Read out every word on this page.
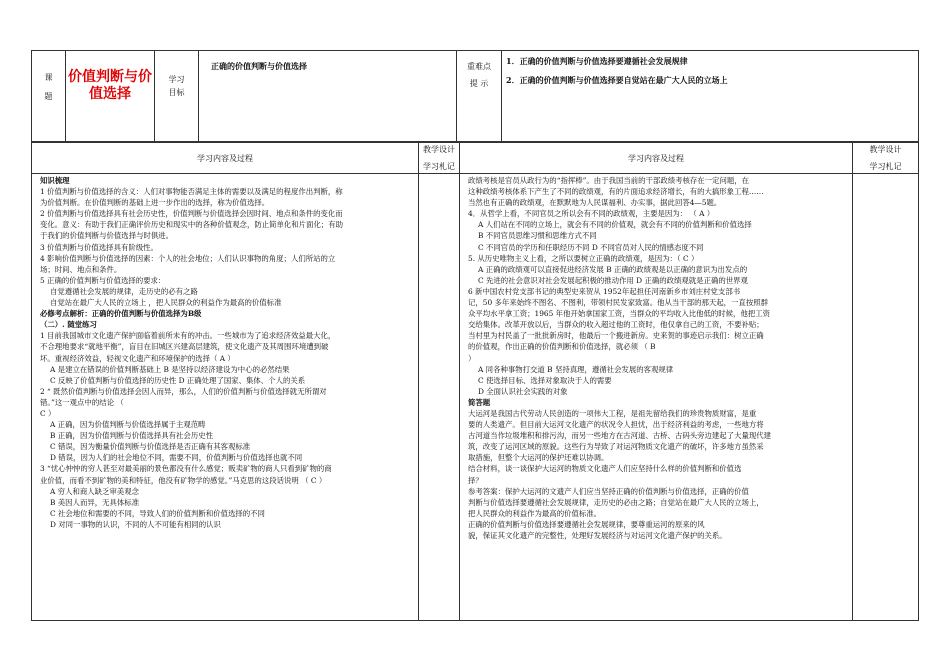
课
题

价值判断与价
值选择

学习
目标

正确的价值判断与价值选择	重难点
提 示

1．正确的价值判断与价值选择要遵循社会发展规律
2．正确的价值判断与价值选择要自觉站在最广大人民的立场上
学习内容及过程

教学设计
学习札记

学习内容及过程

教学设计
学习札记
知识梳理
1 价值判断与价值选择的含义：人们对事物能否满足主体的需要以及满足的程度作出判断，称
为价值判断。在价值判断的基础上进一步作出的选择，称为价值选择。
2 价值判断与价值选择具有社会历史性，价值判断与价值选择会因时间、地点和条件的变化而
变化。意义：有助于我们正确评价历史和现实中的各种价值观念，防止简单化和片面化；有助
于我们的价值判断与价值选择与时俱进。
3 价值判断与价值选择具有阶级性。
4 影响价值判断与价值选择的因素：个人的社会地位；人们认识事物的角度；人们所站的立
场；时间、地点和条件。
5 正确的价值判断与价值选择的要求：
自觉遵循社会发展的规律，走历史的必有之路
自觉站在最广大人民的立场上 ，把人民群众的利益作为最高的价值标准
必修考点解析：正确的价值判断与价值选择为B级
（二）. 随堂练习
1 目前我国城市文化遗产保护面临着前所未有的冲击。一些城市为了追求经济效益最大化，
不合理地要求“就地平衡”，盲目在旧城区兴建高层建筑，使文化遗产及其周围环境遭到破
坏。重视经济效益，轻视文化遗产和环境保护的选择（ A ）
A 是建立在错误的价值判断基础上 B 是坚持以经济建设为中心的必然结果
C 反映了价值判断与价值选择的历史性 D 正确处理了国家、集体、个人的关系
2 “ 既然价值判断与价值选择会因人而异，那么，人们的价值判断与价值选择就无所谓对
错。”这一观点中的结论 （
C ）
A 正确，因为价值判断与价值选择属于主观范畴
B 正确，因为价值判断与价值选择具有社会历史性
C 错误，因为衡量价值判断与价值选择是否正确有其客观标准
D 错误，因为人们的社会地位不同，需要不同，价值判断与价值选择也就不同
3 “忧心忡忡的穷人甚至对最美丽的景色都没有什么感觉；贩卖矿物的商人只看到矿物的商
业价值，而看不到矿物的美和特征，他没有矿物学的感觉。”马克思的这段话说明 （ C ）
A 穷人和商人缺乏审美观念
B 美因人而异，无具体标准
C 社会地位和需要的不同，导致人们的价值判断和价值选择的不同
D 对同一事物的认识，不同的人不可能有相同的认识

政绩考核是官员从政行为的“指挥棒”。由于我国当前的干部政绩考核存在一定问题，在
这种政绩考核体系下产生了不同的政绩观，有的片面追求经济增长，有的大搞形象工程……
当然也有正确的政绩观，在默默地为人民谋福利、办实事，据此回答4—5题。
4．从哲学上看，不同官员之所以会有不同的政绩观，主要是因为： （ A ）
A 人们站在不同的立场上，就会有不同的价值观，就会有不同的价值判断和价值选择
B 不同官员思维习惯和思维方式不同
C 不同官员的学历和任职经历不同 D 不同官员对人民的情感态度不同
5. 从历史唯物主义上看，之所以要树立正确的政绩观，是因为：（ C ）
A 正确的政绩观可以直接促进经济发展 B 正确的政绩观是以正确的意识为出发点的
C 先进的社会意识对社会发展起积极的推动作用 D 正确的政绩观就是正确的世界观
6 新中国农村党支部书记的典型史来贺从 1952年起担任河南新乡市刘庄村党支部书
记，50 多年来始终不图名、不图利，带领村民发家致富。他从当干部的那天起，一直按照群
众平均水平拿工资；1965 年他开始拿国家工资，当群众的平均收入比他低的时候，他把工资
交给集体。改革开放以后，当群众的收入超过他的工资时，他仅拿自己的工资，不要补贴；
当村里为村民盖了一批批新房时，他最后一个搬进新房。史来贺的事迹启示我们：树立正确
的价值观，作出正确的价值判断和价值选择，就必须 （ B
）
A 同各种事物打交道 B 坚持真理，遵循社会发展的客观规律
C 使选择目标、选择对象取决于人的需要
D 全面认识社会实践的对象
简答题
大运河是我国古代劳动人民创造的一项伟大工程，是祖先留给我们的珍贵物质财富，是重
要的人类遗产。但目前大运河文化遗产的状况令人担忧，出于经济利益的考虑，一些地方将
古河道当作垃圾堆积和排污沟，而另一些地方在古河道、古桥、古码头旁边建起了大量现代建
筑，改变了运河区域的原貌。这些行为导致了对运河物质文化遗产的破坏，许多地方虽然采
取措施，但整个大运河的保护还难以协调。
结合材料，谈一谈保护大运河的物质文化遗产人们应坚持什么样的价值判断和价值选
择？
参考答案：保护大运河的文遗产人们应当坚持正确的价值判断与价值选择，正确的价值
判断与价值选择要遵循社会发展规律，走历史的必由之路；自觉站在最广大人民的立场上，
把人民群众的利益作为最高的价值标准。
正确的价值判断与价值选择要遵循社会发展规律，要尊重运河的原来的风
貌，保证其文化遗产的完整性，处理好发展经济与对运河文化遗产保护的关系。
